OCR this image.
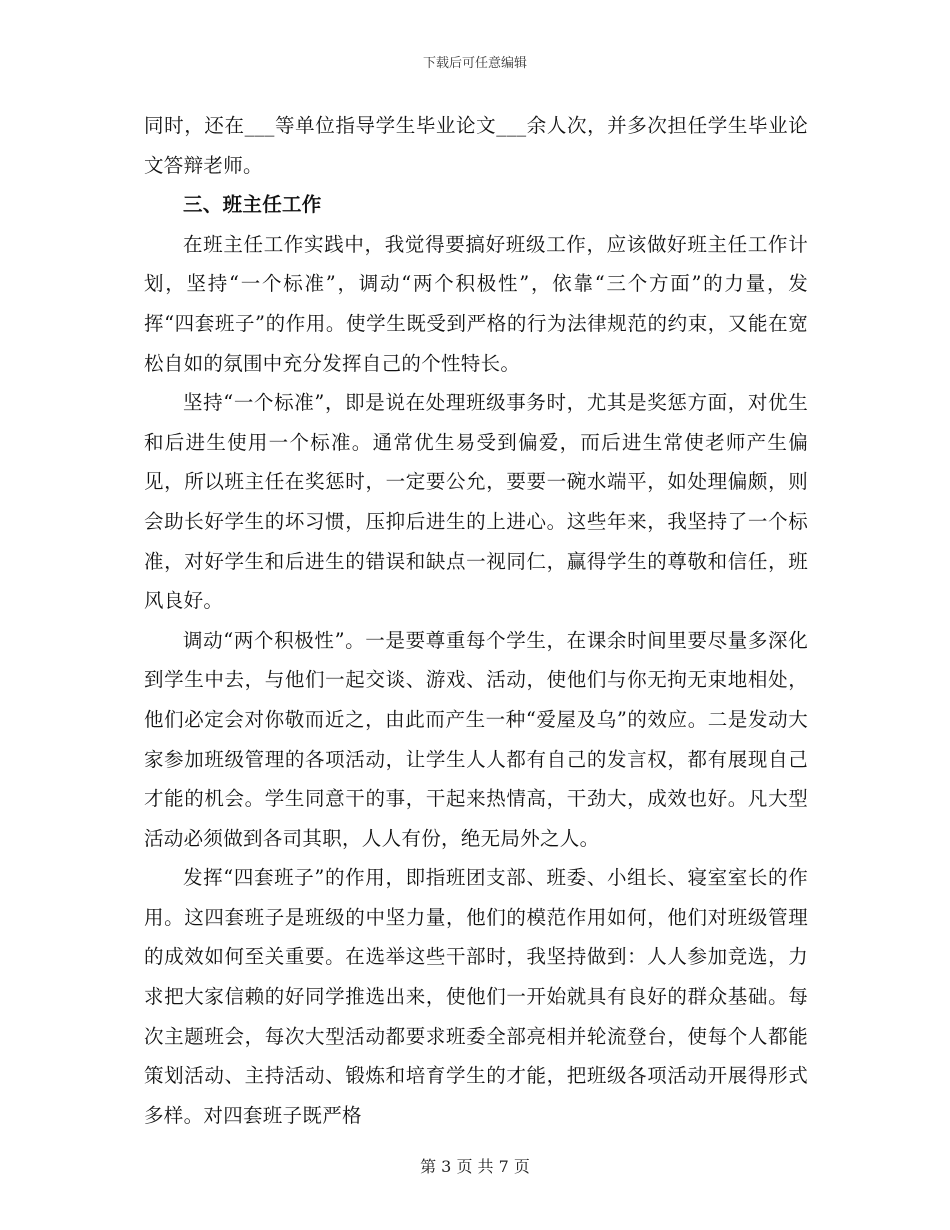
下载后可任意编辑

同时，还在___等单位指导学生毕业论文___余人次，并多次担任学生毕业论文答辩老师。

三、班主任工作

在班主任工作实践中，我觉得要搞好班级工作，应该做好班主任工作计划，坚持“一个标准”，调动“两个积极性”，依靠“三个方面”的力量，发挥“四套班子”的作用。使学生既受到严格的行为法律规范的约束，又能在宽松自如的氛围中充分发挥自己的个性特长。

坚持“一个标准”，即是说在处理班级事务时，尤其是奖惩方面，对优生和后进生使用一个标准。通常优生易受到偏爱，而后进生常使老师产生偏见，所以班主任在奖惩时，一定要公允，要要一碗水端平，如处理偏颇，则会助长好学生的坏习惯，压抑后进生的上进心。这些年来，我坚持了一个标准，对好学生和后进生的错误和缺点一视同仁，赢得学生的尊敬和信任，班风良好。

调动“两个积极性”。一是要尊重每个学生，在课余时间里要尽量多深化到学生中去，与他们一起交谈、游戏、活动，使他们与你无拘无束地相处，他们必定会对你敬而近之，由此而产生一种“爱屋及乌”的效应。二是发动大家参加班级管理的各项活动，让学生人人都有自己的发言权，都有展现自己才能的机会。学生同意干的事，干起来热情高，干劲大，成效也好。凡大型活动必须做到各司其职，人人有份，绝无局外之人。

发挥“四套班子”的作用，即指班团支部、班委、小组长、寝室室长的作用。这四套班子是班级的中坚力量，他们的模范作用如何，他们对班级管理的成效如何至关重要。在选举这些干部时，我坚持做到：人人参加竞选，力求把大家信赖的好同学推选出来，使他们一开始就具有良好的群众基础。每次主题班会，每次大型活动都要求班委全部亮相并轮流登台，使每个人都能策划活动、主持活动、锻炼和培育学生的才能，把班级各项活动开展得形式多样。对四套班子既严格

第 3 页 共 7 页
